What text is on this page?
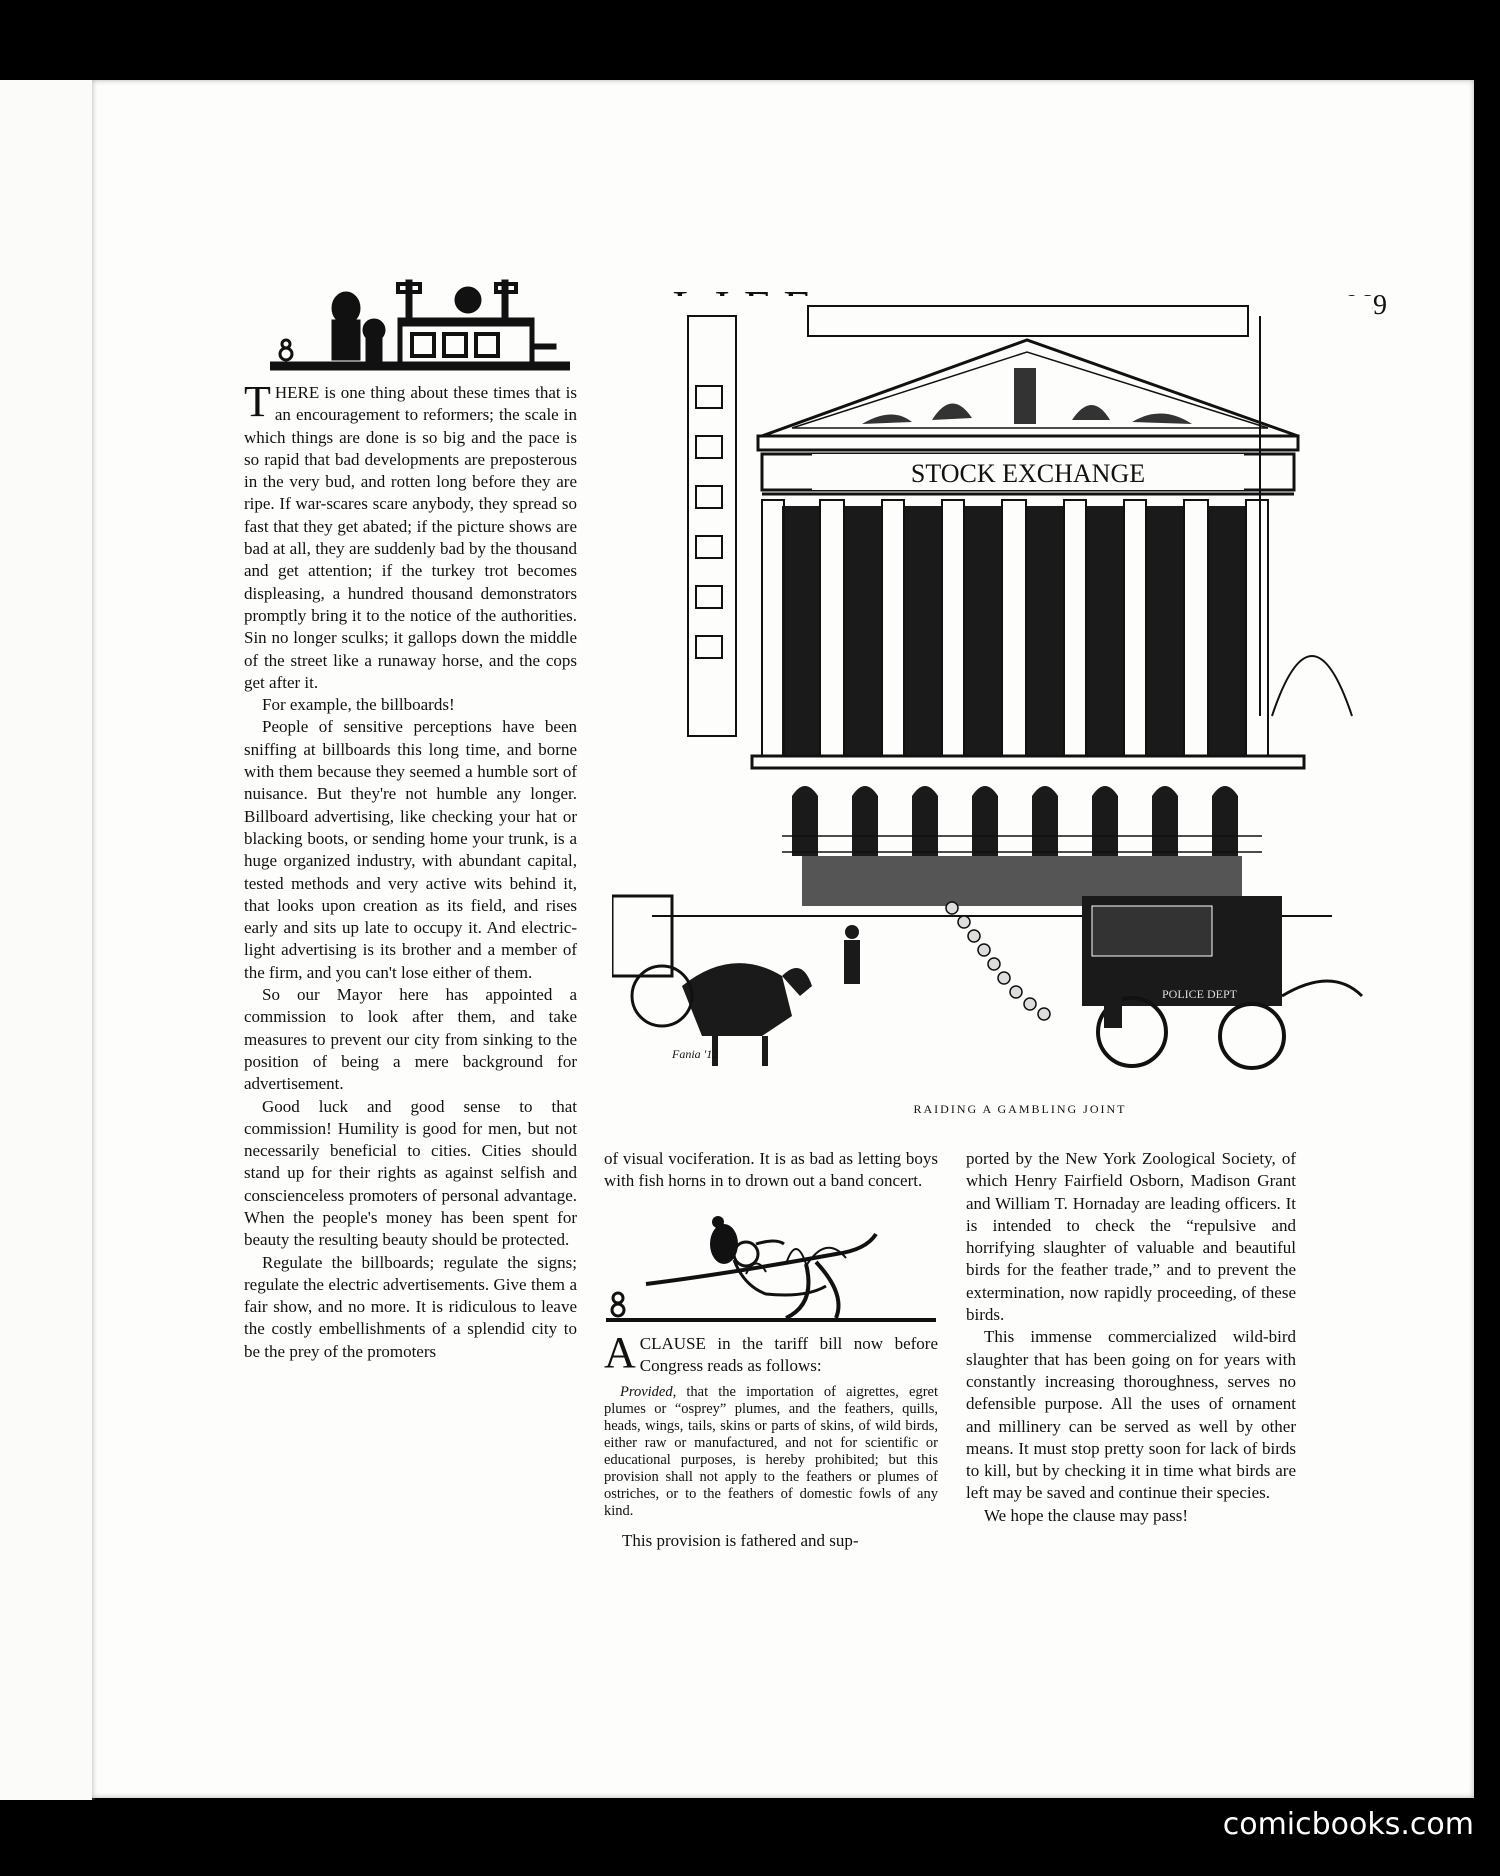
·LIFE·	969

THERE is one thing about these times that is an encouragement to reformers; the scale in which things are done is so big and the pace is so rapid that bad developments are preposterous in the very bud, and rotten long before they are ripe. If war-scares scare anybody, they spread so fast that they get abated; if the picture shows are bad at all, they are suddenly bad by the thousand and get attention; if the turkey trot becomes displeasing, a hundred thousand demonstrators promptly bring it to the notice of the authorities. Sin no longer sculks; it gallops down the middle of the street like a runaway horse, and the cops get after it.

For example, the billboards!

People of sensitive perceptions have been sniffing at billboards this long time, and borne with them because they seemed a humble sort of nuisance. But they're not humble any longer. Billboard advertising, like checking your hat or blacking boots, or sending home your trunk, is a huge organized industry, with abundant capital, tested methods and very active wits behind it, that looks upon creation as its field, and rises early and sits up late to occupy it. And electric-light advertising is its brother and a member of the firm, and you can't lose either of them.

So our Mayor here has appointed a commission to look after them, and take measures to prevent our city from sinking to the position of being a mere background for advertisement.

Good luck and good sense to that commission! Humility is good for men, but not necessarily beneficial to cities. Cities should stand up for their rights as against selfish and conscienceless promoters of personal advantage. When the people's money has been spent for beauty the resulting beauty should be protected.

Regulate the billboards; regulate the signs; regulate the electric advertisements. Give them a fair show, and no more. It is ridiculous to leave the costly embellishments of a splendid city to be the prey of the promoters

POLICE DEPT
STOCK EXCHANGE
Fania '12
RAIDING A GAMBLING JOINT

of visual vociferation. It is as bad as letting boys with fish horns in to drown out a band concert.

ACLAUSE in the tariff bill now before Congress reads as follows:

Provided, that the importation of aigrettes, egret plumes or “osprey” plumes, and the feathers, quills, heads, wings, tails, skins or parts of skins, of wild birds, either raw or manufactured, and not for scientific or educational purposes, is hereby prohibited; but this provision shall not apply to the feathers or plumes of ostriches, or to the feathers of domestic fowls of any kind.

This provision is fathered and sup-

ported by the New York Zoological Society, of which Henry Fairfield Osborn, Madison Grant and William T. Hornaday are leading officers. It is intended to check the “repulsive and horrifying slaughter of valuable and beautiful birds for the feather trade,” and to prevent the extermination, now rapidly proceeding, of these birds.

This immense commercialized wild-bird slaughter that has been going on for years with constantly increasing thoroughness, serves no defensible purpose. All the uses of ornament and millinery can be served as well by other means. It must stop pretty soon for lack of birds to kill, but by checking it in time what birds are left may be saved and continue their species.

We hope the clause may pass!

comicbooks.com
